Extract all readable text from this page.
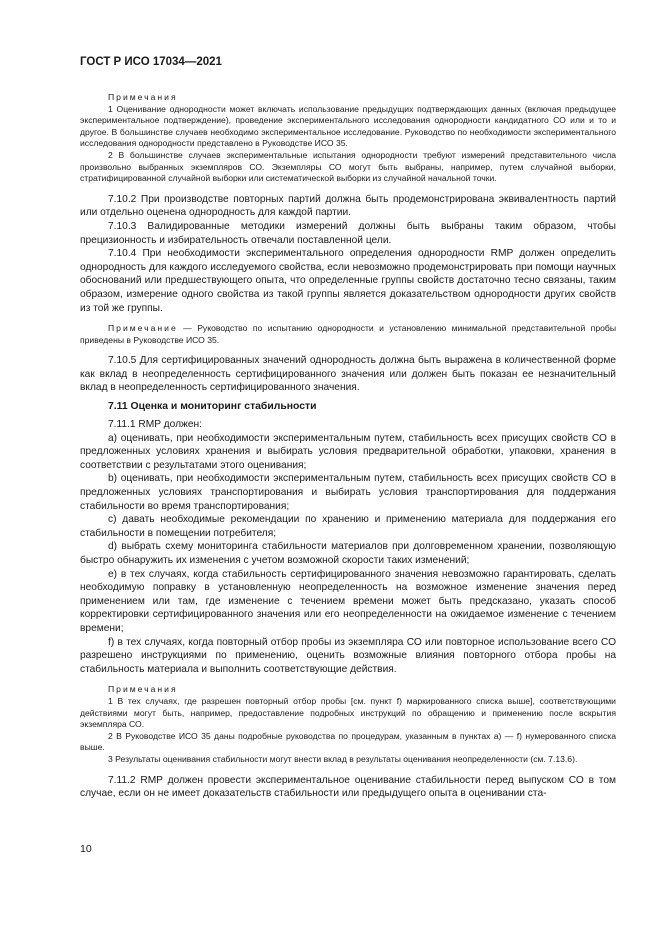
ГОСТ Р ИСО 17034—2021

Примечания

1 Оценивание однородности может включать использование предыдущих подтверждающих данных (включая предыдущее экспериментальное подтверждение), проведение экспериментального исследования однородности кандидатного СО или и то и другое. В большинстве случаев необходимо экспериментальное исследование. Руководство по необходимости экспериментального исследования однородности представлено в Руководстве ИСО 35.

2 В большинстве случаев экспериментальные испытания однородности требуют измерений представительного числа произвольно выбранных экземпляров СО. Экземпляры СО могут быть выбраны, например, путем случайной выборки, стратифицированной случайной выборки или систематической выборки из случайной начальной точки.

7.10.2 При производстве повторных партий должна быть продемонстрирована эквивалентность партий или отдельно оценена однородность для каждой партии.

7.10.3 Валидированные методики измерений должны быть выбраны таким образом, чтобы прецизионность и избирательность отвечали поставленной цели.

7.10.4 При необходимости экспериментального определения однородности RMP должен определить однородность для каждого исследуемого свойства, если невозможно продемонстрировать при помощи научных обоснований или предшествующего опыта, что определенные группы свойств достаточно тесно связаны, таким образом, измерение одного свойства из такой группы является доказательством однородности других свойств из той же группы.

Примечание — Руководство по испытанию однородности и установлению минимальной представительной пробы приведены в Руководстве ИСО 35.

7.10.5 Для сертифицированных значений однородность должна быть выражена в количественной форме как вклад в неопределенность сертифицированного значения или должен быть показан ее незначительный вклад в неопределенность сертифицированного значения.

7.11 Оценка и мониторинг стабильности

7.11.1 RMP должен:

a) оценивать, при необходимости экспериментальным путем, стабильность всех присущих свойств СО в предложенных условиях хранения и выбирать условия предварительной обработки, упаковки, хранения в соответствии с результатами этого оценивания;

b) оценивать, при необходимости экспериментальным путем, стабильность всех присущих свойств СО в предложенных условиях транспортирования и выбирать условия транспортирования для поддержания стабильности во время транспортирования;

c) давать необходимые рекомендации по хранению и применению материала для поддержания его стабильности в помещении потребителя;

d) выбрать схему мониторинга стабильности материалов при долговременном хранении, позволяющую быстро обнаружить их изменения с учетом возможной скорости таких изменений;

e) в тех случаях, когда стабильность сертифицированного значения невозможно гарантировать, сделать необходимую поправку в установленную неопределенность на возможное изменение значения перед применением или там, где изменение с течением времени может быть предсказано, указать способ корректировки сертифицированного значения или его неопределенности на ожидаемое изменение с течением времени;

f) в тех случаях, когда повторный отбор пробы из экземпляра СО или повторное использование всего СО разрешено инструкциями по применению, оценить возможные влияния повторного отбора пробы на стабильность материала и выполнить соответствующие действия.

Примечания

1 В тех случаях, где разрешен повторный отбор пробы [см. пункт f) маркированного списка выше], соответствующими действиями могут быть, например, предоставление подробных инструкций по обращению и применению после вскрытия экземпляра СО.

2 В Руководстве ИСО 35 даны подробные руководства по процедурам, указанным в пунктах a) — f) нумерованного списка выше.

3 Результаты оценивания стабильности могут внести вклад в результаты оценивания неопределенности (см. 7.13.6).

7.11.2 RMP должен провести экспериментальное оценивание стабильности перед выпуском СО в том случае, если он не имеет доказательств стабильности или предыдущего опыта в оценивании ста-

10
